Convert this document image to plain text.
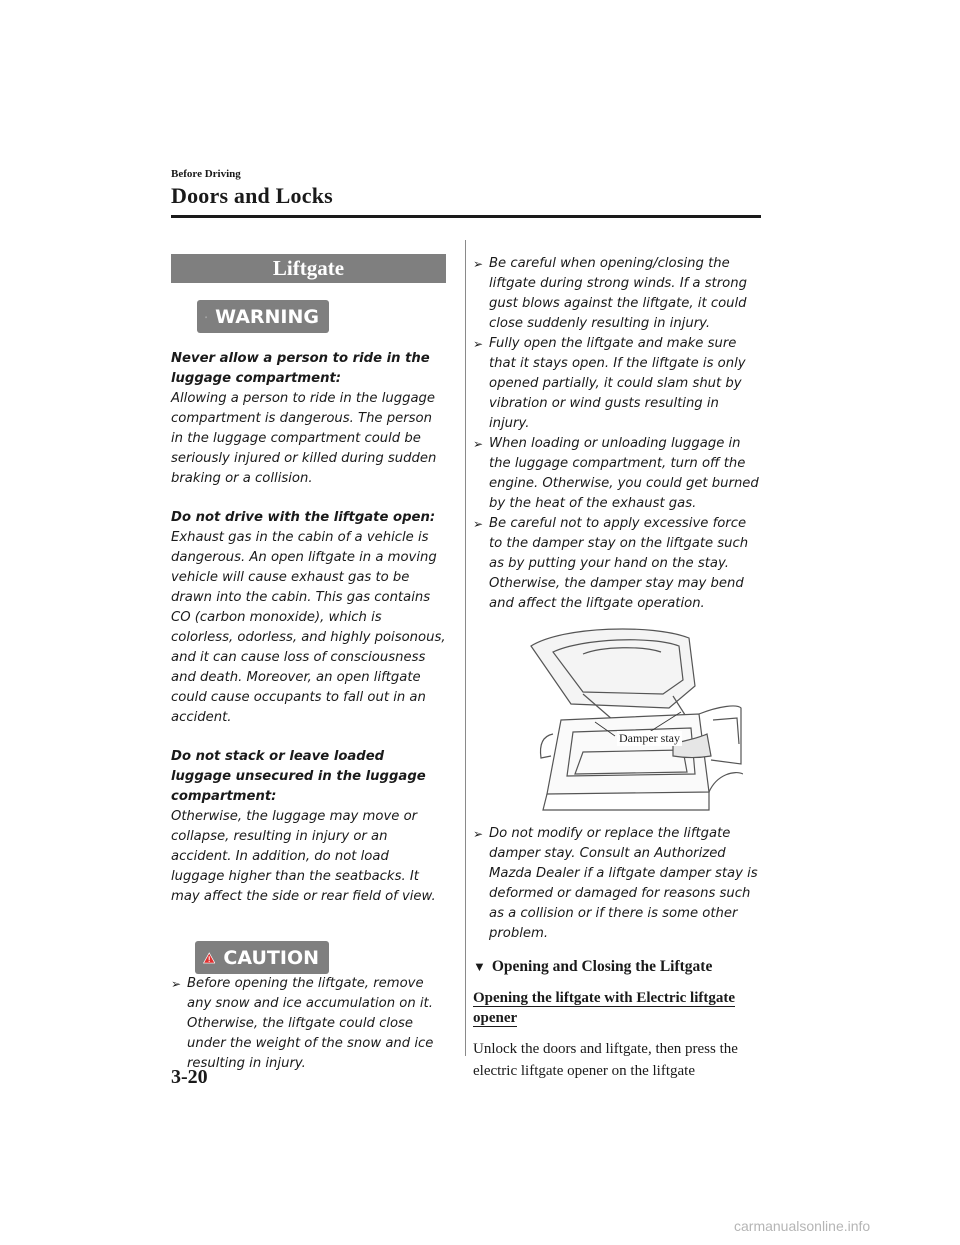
Before Driving
Doors and Locks
Liftgate
WARNING

Never allow a person to ride in the luggage compartment:

Allowing a person to ride in the luggage compartment is dangerous. The person in the luggage compartment could be seriously injured or killed during sudden braking or a collision.

Do not drive with the liftgate open:

Exhaust gas in the cabin of a vehicle is dangerous. An open liftgate in a moving vehicle will cause exhaust gas to be drawn into the cabin. This gas contains CO (carbon monoxide), which is colorless, odorless, and highly poisonous, and it can cause loss of consciousness and death. Moreover, an open liftgate could cause occupants to fall out in an accident.

Do not stack or leave loaded luggage unsecured in the luggage compartment:

Otherwise, the luggage may move or collapse, resulting in injury or an accident. In addition, do not load luggage higher than the seatbacks. It may affect the side or rear field of view.

CAUTION
➢ Before opening the liftgate, remove any snow and ice accumulation on it. Otherwise, the liftgate could close under the weight of the snow and ice resulting in injury.
➢ Be careful when opening/closing the liftgate during strong winds. If a strong gust blows against the liftgate, it could close suddenly resulting in injury.
➢ Fully open the liftgate and make sure that it stays open. If the liftgate is only opened partially, it could slam shut by vibration or wind gusts resulting in injury.
➢ When loading or unloading luggage in the luggage compartment, turn off the engine. Otherwise, you could get burned by the heat of the exhaust gas.
➢ Be careful not to apply excessive force to the damper stay on the liftgate such as by putting your hand on the stay. Otherwise, the damper stay may bend and affect the liftgate operation.
Damper stay
➢ Do not modify or replace the liftgate damper stay. Consult an Authorized Mazda Dealer if a liftgate damper stay is deformed or damaged for reasons such as a collision or if there is some other problem.
▼ Opening and Closing the Liftgate
Opening the liftgate with Electric liftgate opener
Unlock the doors and liftgate, then press the electric liftgate opener on the liftgate
3-20
carmanualsonline.info
